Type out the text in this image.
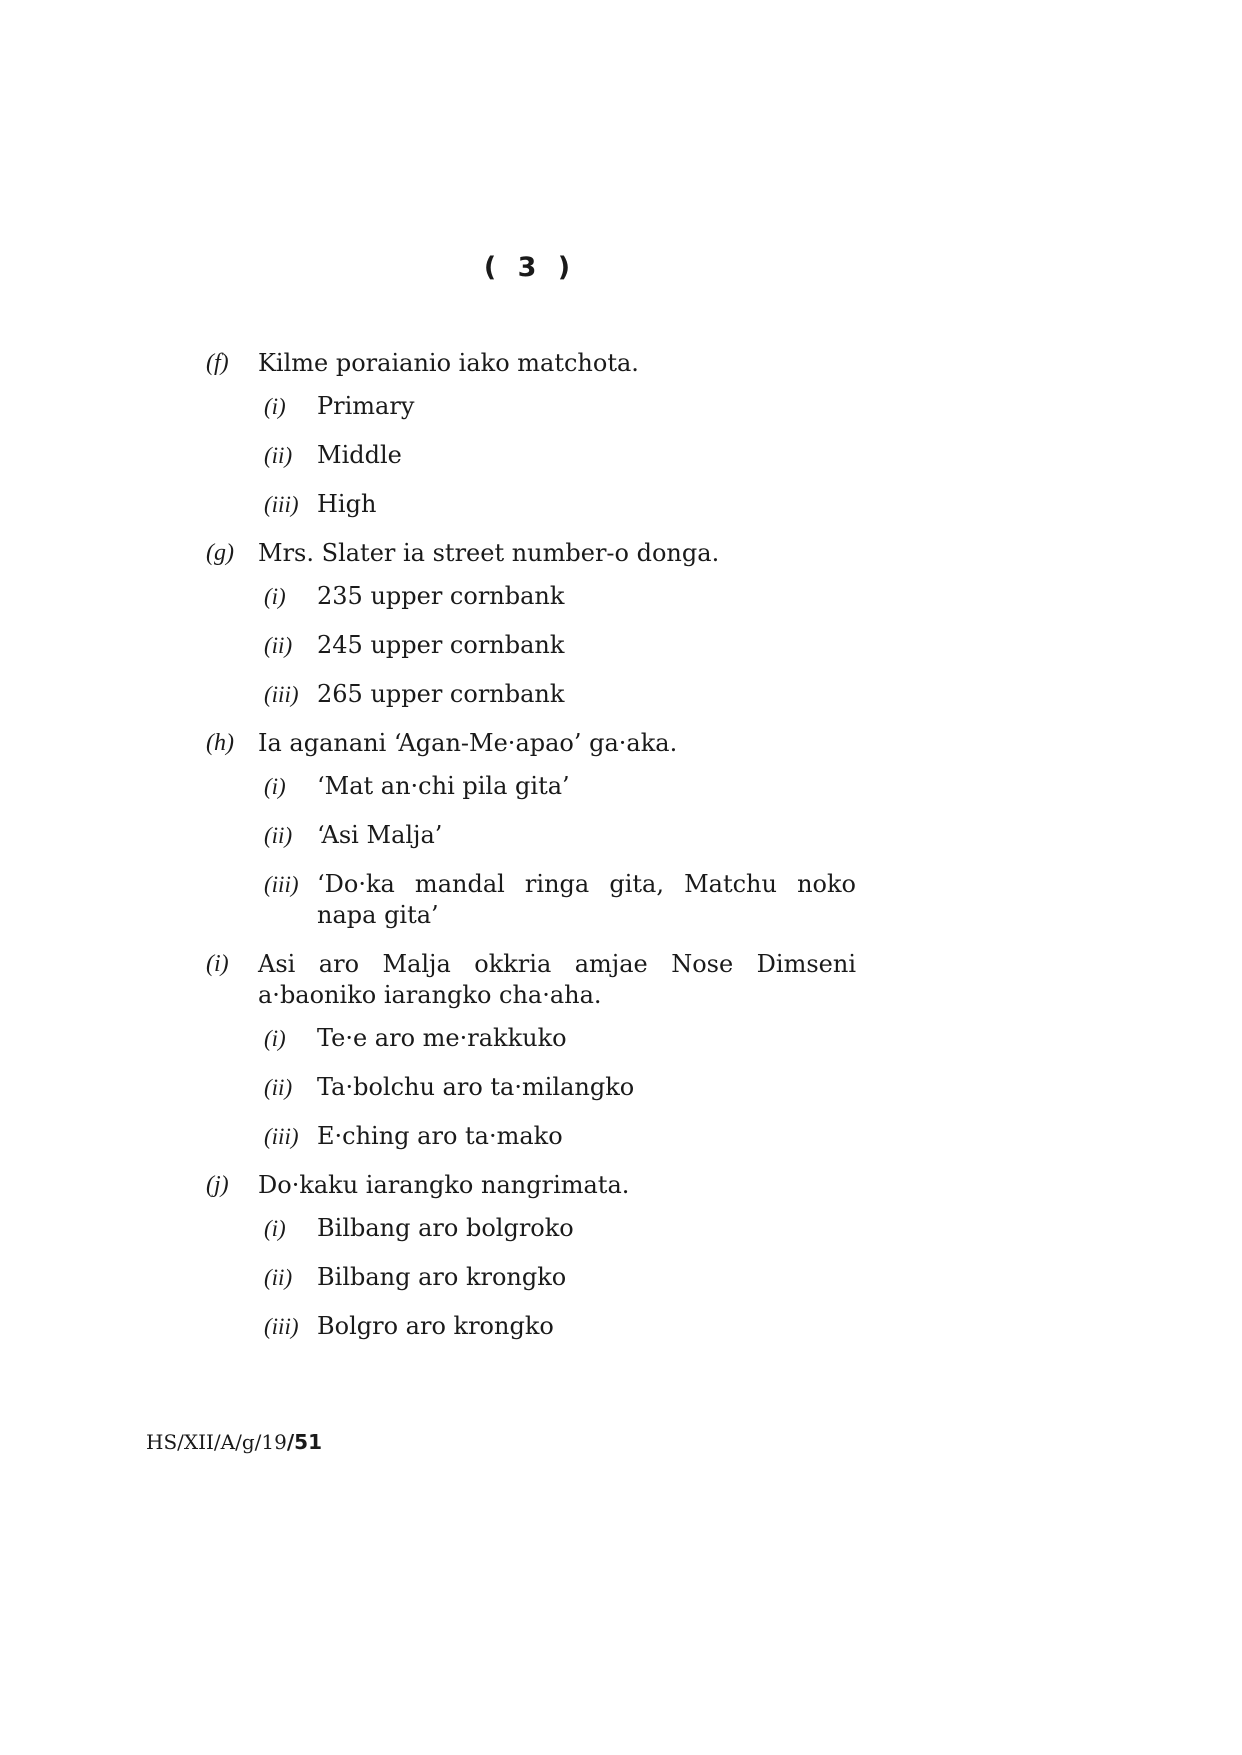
( 3 )
(f)	Kilme poraianio iako matchota.
(i)	Primary
(ii)	Middle
(iii) High
(g)	Mrs. Slater ia street number-o donga.
(i)	235 upper cornbank
(ii)	245 upper cornbank
(iii) 265 upper cornbank
(h)	Ia aganani ‘Agan-Me·apao’ ga·aka.
(i)	‘Mat an·chi pila gita’
(ii)	‘Asi Malja’
(iii) ‘Do·ka mandal ringa gita, Matchu noko napa gita’
(i)	Asi aro Malja okkria amjae Nose Dimseni a·baoniko iarangko cha·aha.
(i)	Te·e aro me·rakkuko
(ii)	Ta·bolchu aro ta·milangko
(iii) E·ching aro ta·mako
(j)	Do·kaku iarangko nangrimata.
(i)	Bilbang aro bolgroko
(ii)	Bilbang aro krongko
(iii) Bolgro aro krongko
HS/XII/A/g/19/51
